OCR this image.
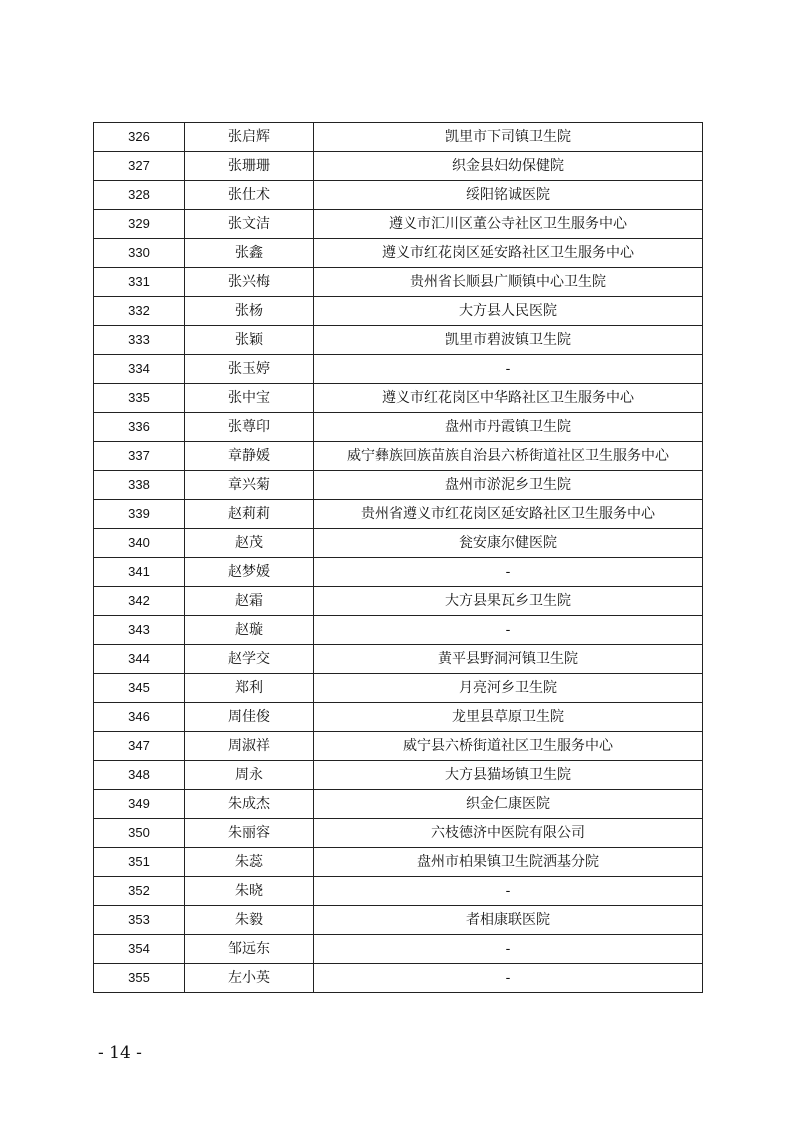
326	张启辉	凯里市下司镇卫生院
327	张珊珊	织金县妇幼保健院
328	张仕术	绥阳铭诚医院
329	张文洁	遵义市汇川区董公寺社区卫生服务中心
330	张鑫	遵义市红花岗区延安路社区卫生服务中心
331	张兴梅	贵州省长顺县广顺镇中心卫生院
332	张杨	大方县人民医院
333	张颖	凯里市碧波镇卫生院
334	张玉婷	-
335	张中宝	遵义市红花岗区中华路社区卫生服务中心
336	张尊印	盘州市丹霞镇卫生院
337	章静媛	威宁彝族回族苗族自治县六桥街道社区卫生服务中心
338	章兴菊	盘州市淤泥乡卫生院
339	赵莉莉	贵州省遵义市红花岗区延安路社区卫生服务中心
340	赵茂	瓮安康尔健医院
341	赵梦媛	-
342	赵霜	大方县果瓦乡卫生院
343	赵璇	-
344	赵学交	黄平县野洞河镇卫生院
345	郑利	月亮河乡卫生院
346	周佳俊	龙里县草原卫生院
347	周淑祥	威宁县六桥街道社区卫生服务中心
348	周永	大方县猫场镇卫生院
349	朱成杰	织金仁康医院
350	朱丽容	六枝德济中医院有限公司
351	朱蕊	盘州市柏果镇卫生院洒基分院
352	朱晓	-
353	朱毅	者相康联医院
354	邹远东	-
355	左小英	-
- 14 -
